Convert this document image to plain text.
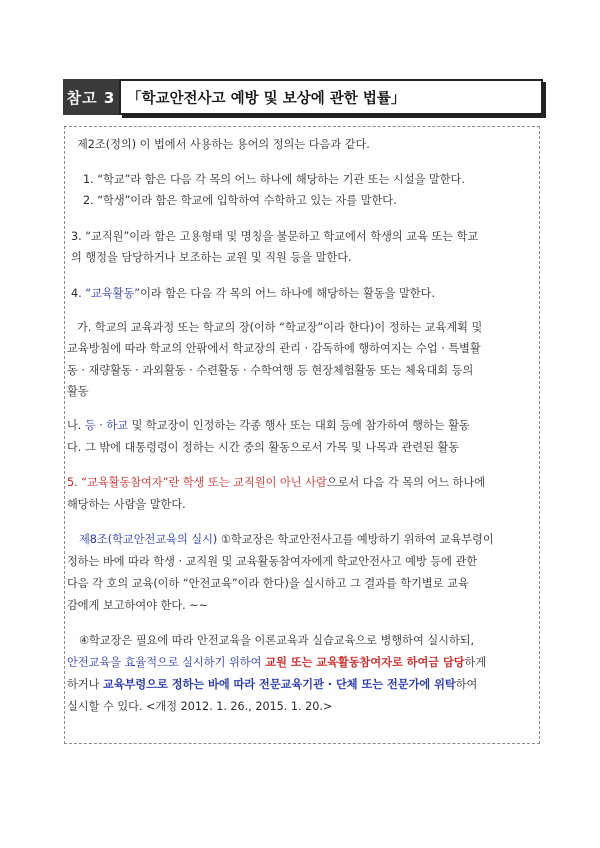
참고 3 「학교안전사고 예방 및 보상에 관한 법률」
제2조(정의) 이 법에서 사용하는 용어의 정의는 다음과 같다.
1. “학교”라 함은 다음 각 목의 어느 하나에 해당하는 기관 또는 시설을 말한다.
2. “학생”이라 함은 학교에 입학하여 수학하고 있는 자를 말한다.
3. “교직원”이라 함은 고용형태 및 명칭을 불문하고 학교에서 학생의 교육 또는 학교
의 행정을 담당하거나 보조하는 교원 및 직원 등을 말한다.
4. “교육활동”이라 함은 다음 각 목의 어느 하나에 해당하는 활동을 말한다.
가. 학교의 교육과정 또는 학교의 장(이하 “학교장”이라 한다)이 정하는 교육계획 및
교육방침에 따라 학교의 안팎에서 학교장의 관리 · 감독하에 행하여지는 수업 · 특별활
동 · 재량활동 · 과외활동 · 수련활동 · 수학여행 등 현장체험활동 또는 체육대회 등의
활동
나. 등 · 하교 및 학교장이 인정하는 각종 행사 또는 대회 등에 참가하여 행하는 활동
다. 그 밖에 대통령령이 정하는 시간 중의 활동으로서 가목 및 나목과 관련된 활동
5. “교육활동참여자”란 학생 또는 교직원이 아닌 사람으로서 다음 각 목의 어느 하나에
해당하는 사람을 말한다.
제8조(학교안전교육의 실시) ①학교장은 학교안전사고를 예방하기 위하여 교육부령이
정하는 바에 따라 학생 · 교직원 및 교육활동참여자에게 학교안전사고 예방 등에 관한
다음 각 호의 교육(이하 “안전교육”이라 한다)을 실시하고 그 결과를 학기별로 교육
감에게 보고하여야 한다. ~~
④학교장은 필요에 따라 안전교육을 이론교육과 실습교육으로 병행하여 실시하되,
안전교육을 효율적으로 실시하기 위하여 교원 또는 교육활동참여자로 하여금 담당하게
하거나 교육부령으로 정하는 바에 따라 전문교육기관 · 단체 또는 전문가에 위탁하여
실시할 수 있다. <개정 2012. 1. 26., 2015. 1. 20.>
